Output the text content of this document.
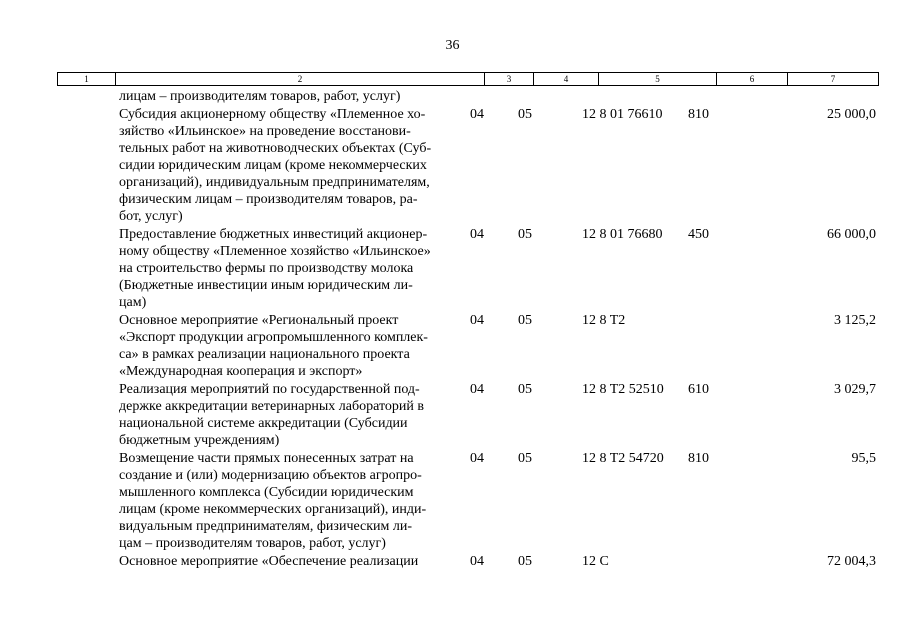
36
1	2	3	4	5	6	7
лицам – производителям товаров, работ, услуг)
Субсидия акционерному обществу «Племенное хо-
зяйство «Ильинское» на проведение восстанови-
тельных работ на животноводческих объектах (Суб-
сидии юридическим лицам (кроме некоммерческих
организаций), индивидуальным предпринимателям,
физическим лицам – производителям товаров, ра-
бот, услуг)
04	05	12 8 01 76610	810	25 000,0
Предоставление бюджетных инвестиций акционер-
ному обществу «Племенное хозяйство «Ильинское»
на строительство фермы по производству молока
(Бюджетные инвестиции иным юридическим ли-
цам)
04	05	12 8 01 76680	450	66 000,0
Основное мероприятие «Региональный проект
«Экспорт продукции агропромышленного комплек-
са» в рамках реализации национального проекта
«Международная кооперация и экспорт»
04	05	12 8 T2	3 125,2
Реализация мероприятий по государственной под-
держке аккредитации ветеринарных лабораторий в
национальной системе аккредитации (Субсидии
бюджетным учреждениям)
04	05	12 8 T2 52510	610	3 029,7
Возмещение части прямых понесенных затрат на
создание и (или) модернизацию объектов агропро-
мышленного комплекса (Субсидии юридическим
лицам (кроме некоммерческих организаций), инди-
видуальным предпринимателям, физическим ли-
цам – производителям товаров, работ, услуг)
04	05	12 8 T2 54720	810	95,5
Основное мероприятие «Обеспечение реализации	04	05	12 С	72 004,3
